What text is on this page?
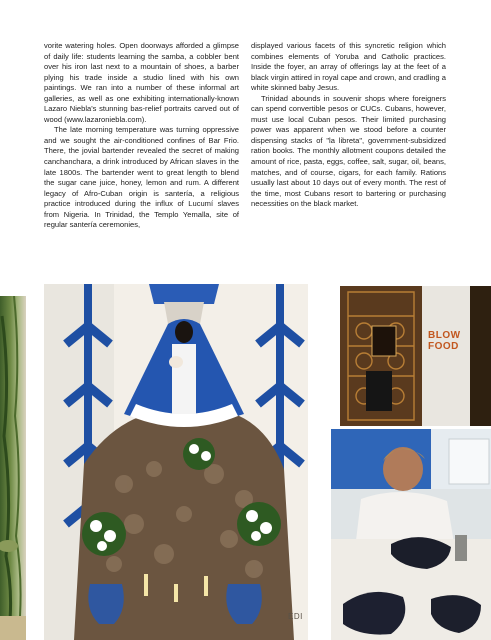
vorite watering holes. Open doorways afforded a glimpse of daily life: students learning the samba, a cobbler bent over his iron last next to a mountain of shoes, a barber plying his trade inside a studio lined with his own paintings. We ran into a number of these informal art galleries, as well as one exhibiting internationally-known Lazaro Niebla's stunning bas-relief portraits carved out of wood (www.lazaroniebla.com).

The late morning temperature was turning oppressive and we sought the air-conditioned confines of Bar Frio. There, the jovial bartender revealed the secret of making canchanchara, a drink introduced by African slaves in the late 1800s. The bartender went to great length to blend the sugar cane juice, honey, lemon and rum. A different legacy of Afro-Cuban origin is santería, a religious practice introduced during the influx of Lucumí slaves from Nigeria. In Trinidad, the Templo Yemalla, site of regular santería ceremonies,

displayed various facets of this syncretic religion which combines elements of Yoruba and Catholic practices. Inside the foyer, an array of offerings lay at the feet of a black virgin attired in royal cape and crown, and cradling a white skinned baby Jesus.

Trinidad abounds in souvenir shops where foreigners can spend convertible pesos or CUCs. Cubans, however, must use local Cuban pesos. Their limited purchasing power was apparent when we stood before a counter dispensing stacks of "la libreta", government-subsidized ration books. The monthly allotment coupons detailed the amount of rice, pasta, eggs, coffee, salt, sugar, oil, beans, matches, and of course, cigars, for each family. Rations usually last about 10 days out of every month. The rest of the time, most Cubans resort to bartering or purchasing necessities on the black market.

BLOW FOOD
EDI
